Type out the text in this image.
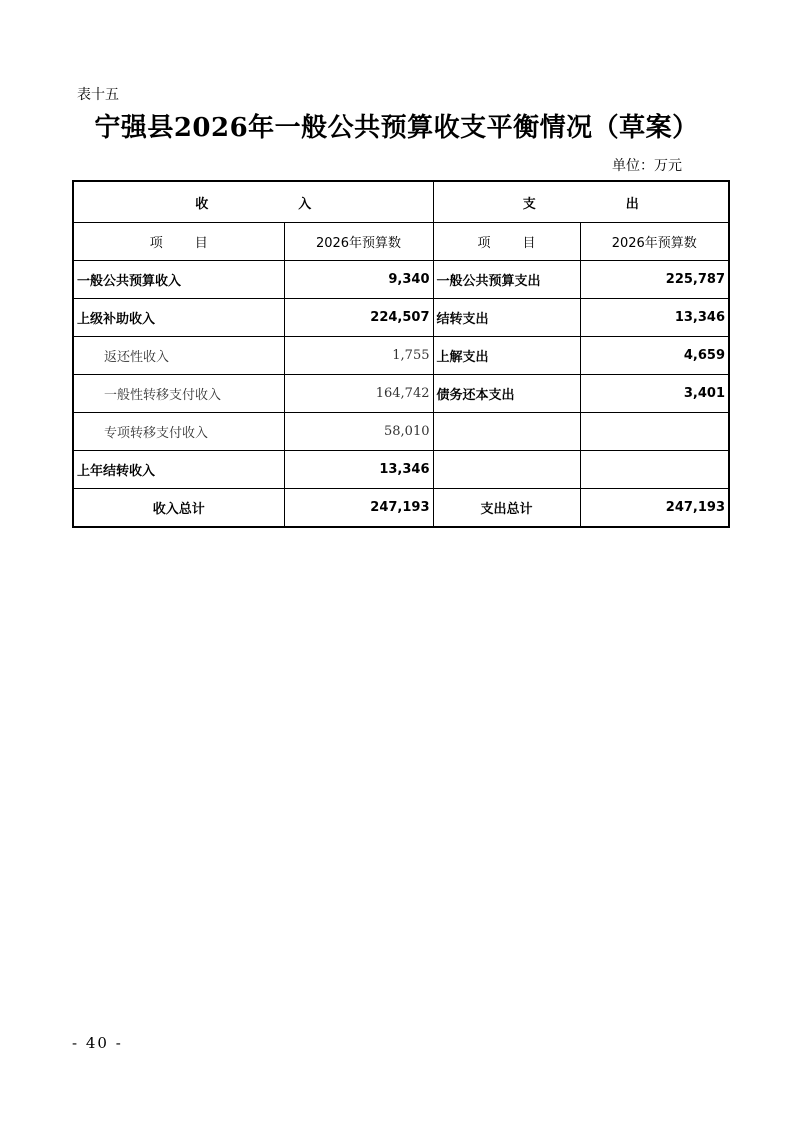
表十五
宁强县2026年一般公共预算收支平衡情况（草案）
单位：万元
收 入		支 出	
项 目	2026年预算数	项 目	2026年预算数
一般公共预算收入	9,340	一般公共预算支出	225,787
上级补助收入	224,507	结转支出	13,346
返还性收入	1,755	上解支出	4,659
一般性转移支付收入	164,742	债务还本支出	3,401
专项转移支付收入	58,010		
上年结转收入	13,346		
收入总计	247,193	支出总计	247,193
- 40 -
